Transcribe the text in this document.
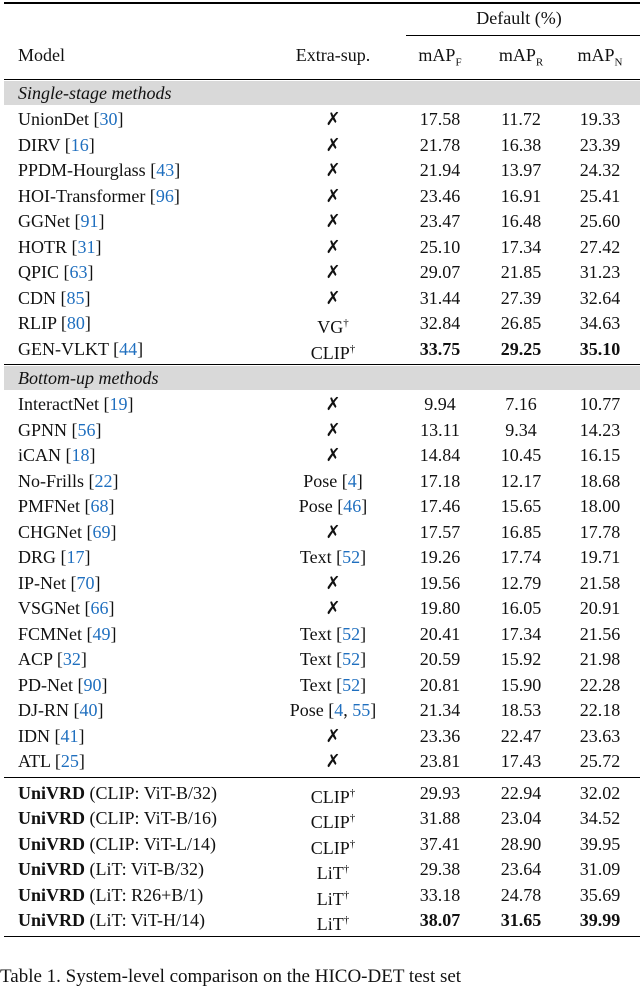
Default (%)
Model	Extra-sup.	mAP$_F$	mAP$_R$	mAP$_N$
Single-stage methods
UnionDet [30]	✗	17.58	11.72	19.33
DIRV [16]	✗	21.78	16.38	23.39
PPDM-Hourglass [43]	✗	21.94	13.97	24.32
HOI-Transformer [96]	✗	23.46	16.91	25.41
GGNet [91]	✗	23.47	16.48	25.60
HOTR [31]	✗	25.10	17.34	27.42
QPIC [63]	✗	29.07	21.85	31.23
CDN [85]	✗	31.44	27.39	32.64
RLIP [80]	VG†	32.84	26.85	34.63
GEN-VLKT [44]	CLIP†	33.75	29.25	35.10
Bottom-up methods
InteractNet [19]	✗	9.94	7.16	10.77
GPNN [56]	✗	13.11	9.34	14.23
iCAN [18]	✗	14.84	10.45	16.15
No-Frills [22]	Pose [4]	17.18	12.17	18.68
PMFNet [68]	Pose [46]	17.46	15.65	18.00
CHGNet [69]	✗	17.57	16.85	17.78
DRG [17]	Text [52]	19.26	17.74	19.71
IP-Net [70]	✗	19.56	12.79	21.58
VSGNet [66]	✗	19.80	16.05	20.91
FCMNet [49]	Text [52]	20.41	17.34	21.56
ACP [32]	Text [52]	20.59	15.92	21.98
PD-Net [90]	Text [52]	20.81	15.90	22.28
DJ-RN [40]	Pose [4, 55]	21.34	18.53	22.18
IDN [41]	✗	23.36	22.47	23.63
ATL [25]	✗	23.81	17.43	25.72
UniVRD (CLIP: ViT-B/32)	CLIP†	29.93	22.94	32.02
UniVRD (CLIP: ViT-B/16)	CLIP†	31.88	23.04	34.52
UniVRD (CLIP: ViT-L/14)	CLIP†	37.41	28.90	39.95
UniVRD (LiT: ViT-B/32)	LiT†	29.38	23.64	31.09
UniVRD (LiT: R26+B/1)	LiT†	33.18	24.78	35.69
UniVRD (LiT: ViT-H/14)	LiT†	38.07	31.65	39.99
Table 1. System-level comparison on the HICO-DET test set
